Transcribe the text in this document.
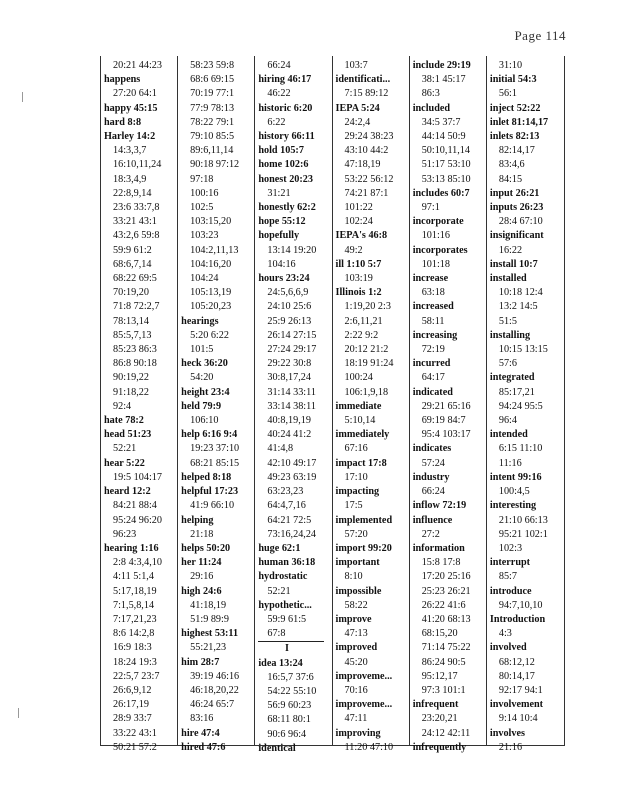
Page 114
20:21 44:23
happens
27:20 64:1
happy 45:15
hard 8:8
Harley 14:2
14:3,3,7
16:10,11,24
18:3,4,9
22:8,9,14
23:6 33:7,8
33:21 43:1
43:2,6 59:8
59:9 61:2
68:6,7,14
68:22 69:5
70:19,20
71:8 72:2,7
78:13,14
85:5,7,13
85:23 86:3
86:8 90:18
90:19,22
91:18,22
92:4
hate 78:2
head 51:23
52:21
hear 5:22
19:5 104:17
heard 12:2
84:21 88:4
95:24 96:20
96:23
hearing 1:16
2:8 4:3,4,10
4:11 5:1,4
5:17,18,19
7:1,5,8,14
7:17,21,23
8:6 14:2,8
16:9 18:3
18:24 19:3
22:5,7 23:7
26:6,9,12
26:17,19
28:9 33:7
33:22 43:1
50:21 57:2
58:23 59:8
68:6 69:15
70:19 77:1
77:9 78:13
78:22 79:1
79:10 85:5
89:6,11,14
90:18 97:12
97:18
100:16
102:5
103:15,20
103:23
104:2,11,13
104:16,20
104:24
105:13,19
105:20,23
hearings
5:20 6:22
101:5
heck 36:20
54:20
height 23:4
held 79:9
106:10
help 6:16 9:4
19:23 37:10
68:21 85:15
helped 8:18
helpful 17:23
41:9 66:10
helping
21:18
helps 50:20
her 11:24
29:16
high 24:6
41:18,19
51:9 89:9
highest 53:11
55:21,23
him 28:7
39:19 46:16
46:18,20,22
46:24 65:7
83:16
hire 47:4
hired 47:6
66:24
hiring 46:17
46:22
historic 6:20
6:22
history 66:11
hold 105:7
home 102:6
honest 20:23
31:21
honestly 62:2
hope 55:12
hopefully
13:14 19:20
104:16
hours 23:24
24:5,6,6,9
24:10 25:6
25:9 26:13
26:14 27:15
27:24 29:17
29:22 30:8
30:8,17,24
31:14 33:11
33:14 38:11
40:8,19,19
40:24 41:2
41:4,8
42:10 49:17
49:23 63:19
63:23,23
64:4,7,16
64:21 72:5
73:16,24,24
huge 62:1
human 36:18
hydrostatic
52:21
hypothetic...
59:9 61:5
67:8
I
idea 13:24
16:5,7 37:6
54:22 55:10
56:9 60:23
68:11 80:1
90:6 96:4
identical
103:7
identificati...
7:15 89:12
IEPA 5:24
24:2,4
29:24 38:23
43:10 44:2
47:18,19
53:22 56:12
74:21 87:1
101:22
102:24
IEPA's 46:8
49:2
ill 1:10 5:7
103:19
Illinois 1:2
1:19,20 2:3
2:6,11,21
2:22 9:2
20:12 21:2
18:19 91:24
100:24
106:1,9,18
immediate
5:10,14
immediately
67:16
impact 17:8
17:10
impacting
17:5
implemented
57:20
import 99:20
important
8:10
impossible
58:22
improve
47:13
improved
45:20
improveme...
70:16
improveme...
47:11
improving
11:20 47:10
include 29:19
38:1 45:17
86:3
included
34:5 37:7
44:14 50:9
50:10,11,14
51:17 53:10
53:13 85:10
includes 60:7
97:1
incorporate
101:16
incorporates
101:18
increase
63:18
increased
58:11
increasing
72:19
incurred
64:17
indicated
29:21 65:16
69:19 84:7
95:4 103:17
indicates
57:24
industry
66:24
inflow 72:19
influence
27:2
information
15:8 17:8
17:20 25:16
25:23 26:21
26:22 41:6
41:20 68:13
68:15,20
71:14 75:22
86:24 90:5
95:12,17
97:3 101:1
infrequent
23:20,21
24:12 42:11
infrequently
31:10
initial 54:3
56:1
inject 52:22
inlet 81:14,17
inlets 82:13
82:14,17
83:4,6
84:15
input 26:21
inputs 26:23
28:4 67:10
insignificant
16:22
install 10:7
installed
10:18 12:4
13:2 14:5
51:5
installing
10:15 13:15
57:6
integrated
85:17,21
94:24 95:5
96:4
intended
6:15 11:10
11:16
intent 99:16
100:4,5
interesting
21:10 66:13
95:21 102:1
102:3
interrupt
85:7
introduce
94:7,10,10
Introduction
4:3
involved
68:12,12
80:14,17
92:17 94:1
involvement
9:14 10:4
involves
21:16
